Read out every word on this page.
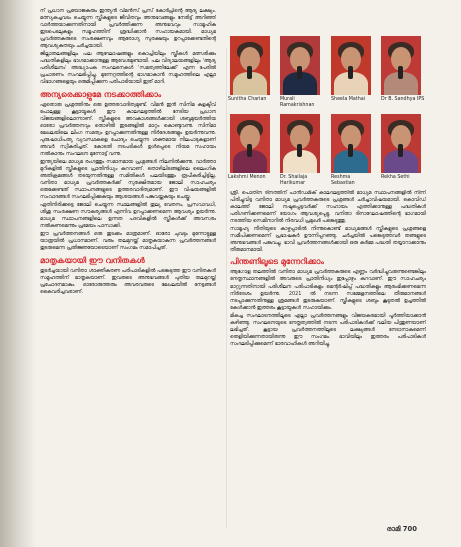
ന് പ്രധാന പ്രയോജകരും ഇന്ത്യൻ വിമൻസ് പ്രസ് കോർപ്സിന്റെ ആദ്യ ലക്ഷ്യം. മത്സ്യകച്ചവടം ചെയ്യുന്ന സ്ത്രീകളുടെ ജീവിതവും അനുഭവങ്ങളും നേരിട്ട് അറിഞ്ഞ് വാർത്തയാക്കുന്നതിനായി പ്രവർത്തിക്കുന്ന അനുഭവവും സാമൂഹിക ഇടപെടലുകളും സമൂഹത്തിന് ശ്രദ്ധിക്കാൻ സഹായകമായി. മാധ്യമ പ്രവർത്തകരുടെ സംരക്ഷണവും ആരോഗ്യ സുരക്ഷയും ഉറപ്പാക്കേണ്ടതിന്റെ ആവശ്യകതയും ചർച്ചയായി.

ജില്ലാതലങ്ങളിലും പല ആഘോഷങ്ങളും കൊച്ചിയിലും സ്ത്രീകൾ മത്സരിക്കും പദ്ധതികളിലും ഭാഗമാക്കാനുള്ള ആവേശമുണ്ടായി. പല വിദ്യാലയങ്ങളിലും 'ആദ്യ പരിശീലനം' അദ്ധ്യാപക സംഘടനകൾ 'സമത്വത്തിലേക്ക്' എന്ന പേരിൽ പ്രചാരണം സംഘടിപ്പിച്ചു. മുന്നേറ്റത്തിന്റെ ഭാഗമാകാൻ സമൂഹത്തിലെ എല്ലാ വിഭാഗങ്ങളെയും ഒരുമിപ്പിക്കുന്ന പരിപാടിയായി ഇത് മാറി.

അന്യരെക്കാളുമേ നടക്കാത്തിക്കാം

ഏതൊരു പ്രശ്നത്തിനും ഒരു ഉത്തരവാദിത്വമുണ്ട്. വിമൻ ഇൻ സിനിമ കളക്ടീവ് പോലുള്ള കൂട്ടായ്മകൾ ഈ കാലഘട്ടത്തിൽ നേടിയ പ്രധാന വിജയങ്ങളിലൊന്നാണ്. സ്ത്രീകളുടെ അവകാശങ്ങൾക്കായി ശബ്ദമുയർത്തിയ ഓരോ പ്രവർത്തനവും തൊഴിൽ ഇടങ്ങളിൽ മാറ്റം കൊണ്ടുവന്നു. സിനിമാ മേഖലയിലെ ലിംഗ സമത്വം ഉറപ്പാക്കുന്നതിനുള്ള നിർദേശങ്ങളും ഉയർന്നുവന്നു. പുരുഷാധിപത്യ വ്യവസ്ഥകളെ ചോദ്യം ചെയ്യുന്ന ശക്തമായ നിലപാടുകളാണ് അവർ സ്വീകരിച്ചത്. കോടതി നടപടികൾ ഉൾപ്പെടെ നിയമ സഹായം നൽകാനും സംഘടന മുന്നോട്ട് വന്നു.

ഇന്ത്യയിലെ മാധ്യമ രംഗത്തും സമാനമായ പ്രശ്നങ്ങൾ നിലനിൽക്കുന്നു. വാർത്താ മുറികളിൽ സ്ത്രീകളുടെ പ്രാതിനിധ്യം കുറവാണ്. തൊഴിലിടങ്ങളിലെ ലൈംഗിക അതിക്രമങ്ങൾ തടയുന്നതിനുള്ള സമിതികൾ പലയിടത്തും രൂപീകരിച്ചിട്ടില്ല. വനിതാ മാധ്യമ പ്രവർത്തകർക്ക് സുരക്ഷിതമായ ജോലി സാഹചര്യം ഒരുക്കേണ്ടത് സ്ഥാപനങ്ങളുടെ ഉത്തരവാദിത്വമാണ്. ഈ വിഷയങ്ങളിൽ സംവാദങ്ങൾ സംഘടിപ്പിക്കുകയും ആശയങ്ങൾ പങ്കുവയ്ക്കുകയും ചെയ്തു.

ഏതിനിരിക്കട്ടെ ജോലി ചെയ്യുന്ന സ്ഥലങ്ങളിൽ തുല്യ വേതനം, പ്രസവാവധി, ശിശു സംരക്ഷണ സൗകര്യങ്ങൾ എന്നിവ ഉറപ്പാക്കണമെന്ന ആവശ്യം ഉയർന്നു. മാധ്യമ സ്ഥാപനങ്ങളിലെ ഉന്നത പദവികളിൽ സ്ത്രീകൾക്ക് അവസരം നൽകണമെന്നും പ്രമേയം പാസാക്കി.

ഈ പ്രവർത്തനങ്ങൾ ഒരു തുടക്കം മാത്രമാണ്. ഓരോ ചുവടും മുന്നോട്ടുള്ള യാത്രയിൽ പ്രധാനമാണ്. വരും തലമുറയ്ക്ക് മാതൃകയാകുന്ന പ്രവർത്തനങ്ങൾ തുടരുമെന്ന പ്രതിജ്ഞയോടെയാണ് സംഗമം സമാപിച്ചത്.

മാതൃകയായി ഈ വനിതകൾ

തുടർച്ചയായി വനിതാ ശാക്തീകരണ പരിപാടികളിൽ പങ്കെടുത്ത ഈ വനിതകൾ സമൂഹത്തിന് മാതൃകയാണ്. ഇവരുടെ അനുഭവങ്ങൾ പുതിയ തലമുറയ്ക്ക് പ്രചോദനമാകും. ഓരോരുത്തരും അവരവരുടെ മേഖലയിൽ നേട്ടങ്ങൾ കൈവരിച്ചവരാണ്.

Sunitha Charian	Murali Ramakrishnan
Sheela Mathai	Dr B. Sandhya IPS
Lakshmi Menon	Dr. Shailaja Harikumar
Reshma Sebastian
Rekha Sethi

ശ്രീ. പൊതിന ദിനത്തിന് പാൻഡമിക് കാലഘട്ടത്തിൽ മാധ്യമ സ്ഥാപനങ്ങളിൽ നിന്ന് പിരിച്ചുവിട്ട വനിതാ മാധ്യമ പ്രവർത്തകരുടെ പ്രശ്നങ്ങൾ ചർച്ചാവിഷയമായി. കൊവിഡ് കാലത്ത് ജോലി നഷ്ടപ്പെട്ടവർക്ക് സഹായം എത്തിക്കാനുള്ള പദ്ധതികൾ പരിഗണിക്കണമെന്ന് യോഗം ആവശ്യപ്പെട്ടു. വനിതാ ദിനാഘോഷത്തിന്റെ ഭാഗമായി നടത്തിയ സെമിനാറിൽ നിരവധി പ്രമുഖർ പങ്കെടുത്തു.

സാമൂഹ്യ നീതിയുടെ കാഴ്ചപ്പാടിൽ നിന്നുകൊണ്ട് മാധ്യമങ്ങൾ സ്ത്രീകളുടെ പ്രശ്നങ്ങളെ സമീപിക്കണമെന്ന് പ്രഭാഷകർ ഊന്നിപ്പറഞ്ഞു. ചർച്ചയിൽ പങ്കെടുത്തവർ തങ്ങളുടെ അനുഭവങ്ങൾ പങ്കുവച്ചു. ഭാവി പ്രവർത്തനങ്ങൾക്കായി ഒരു കർമ്മ പദ്ധതി തയ്യാറാക്കാനും തീരുമാനമായി.

പിന്തണിലൂടെ മുന്നേറിക്കാം

ആഗോള തലത്തിൽ വനിതാ മാധ്യമ പ്രവർത്തകരുടെ എണ്ണം വർദ്ധിച്ചുവരുന്നുണ്ടെങ്കിലും നേതൃസ്ഥാനങ്ങളിൽ അവരുടെ പ്രാതിനിധ്യം ഇപ്പോഴും കുറവാണ്. ഈ സാഹചര്യം മാറ്റുന്നതിനായി പരിശീലന പരിപാടികളും മെന്റർഷിപ്പ് പദ്ധതികളും ആരംഭിക്കണമെന്ന നിർദേശം ഉയർന്നു. 2021 ൽ നടന്ന സമ്മേളനത്തിലെ തീരുമാനങ്ങൾ നടപ്പാക്കുന്നതിനുള്ള ശ്രമങ്ങൾ തുടരുകയാണ്. സ്ത്രീകളുടെ ശബ്ദം കൂടുതൽ ഉച്ചത്തിൽ കേൾക്കാൻ ഇത്തരം കൂട്ടായ്മകൾ സഹായിക്കും.

മികച്ച സംഘാടനത്തിലൂടെ എല്ലാ പ്രവർത്തനങ്ങളും വിജയകരമായി പൂർത്തിയാക്കാൻ കഴിഞ്ഞു. സംഘടനയുടെ നേതൃത്വത്തിൽ നടന്ന പരിപാടികൾക്ക് വലിയ പിന്തുണയാണ് ലഭിച്ചത്. കൂട്ടായ പ്രവർത്തനത്തിലൂടെ ലക്ഷ്യങ്ങൾ നേടാനാകുമെന്ന് തെളിയിക്കുന്നതായിരുന്നു ഈ സംഗമം. ഭാവിയിലും ഇത്തരം പരിപാടികൾ സംഘടിപ്പിക്കുമെന്ന് ഭാരവാഹികൾ അറിയിച്ചു.

രാമി 700
